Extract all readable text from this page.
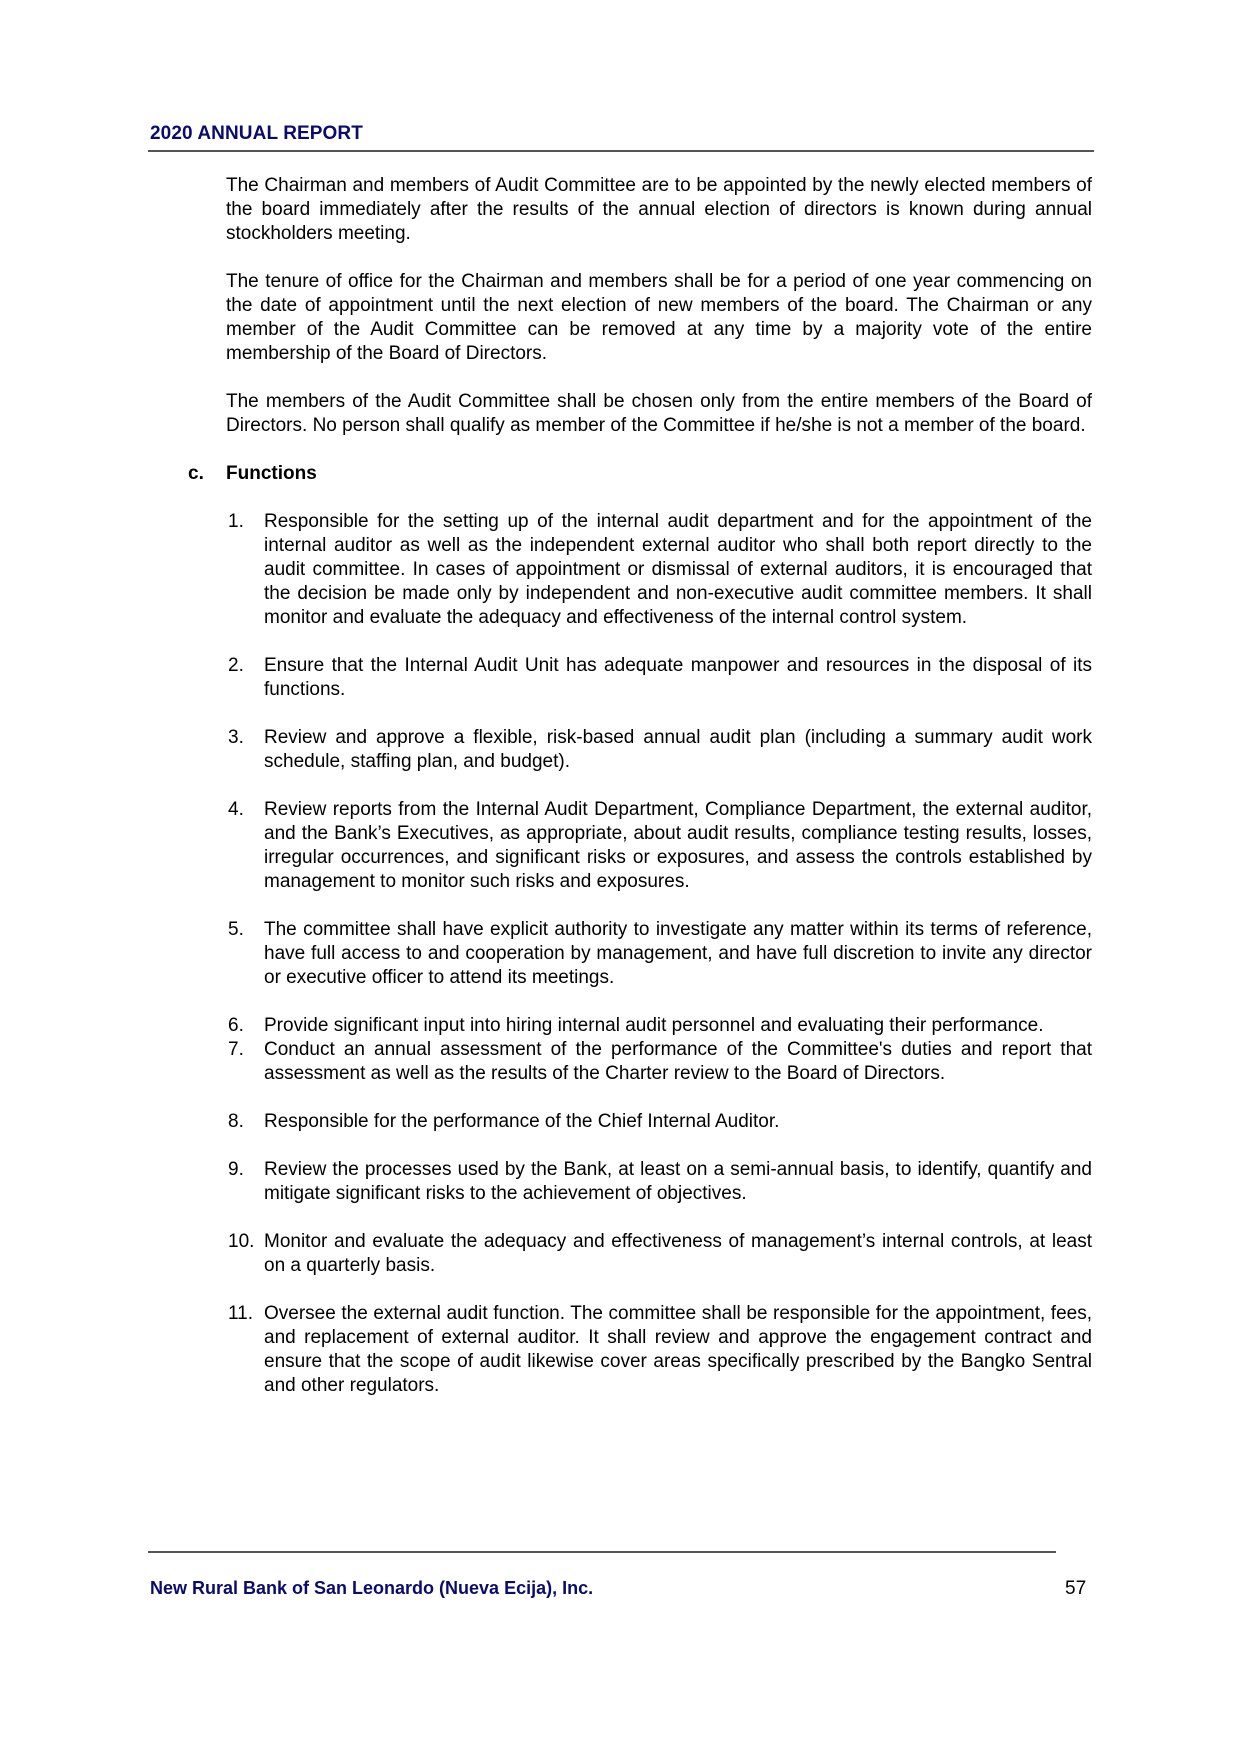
2020 ANNUAL REPORT

The Chairman and members of Audit Committee are to be appointed by the newly elected members of the board immediately after the results of the annual election of directors is known during annual stockholders meeting.

The tenure of office for the Chairman and members shall be for a period of one year commencing on the date of appointment until the next election of new members of the board. The Chairman or any member of the Audit Committee can be removed at any time by a majority vote of the entire membership of the Board of Directors.

The members of the Audit Committee shall be chosen only from the entire members of the Board of Directors. No person shall qualify as member of the Committee if he/she is not a member of the board.

c. Functions
1. Responsible for the setting up of the internal audit department and for the appointment of the internal auditor as well as the independent external auditor who shall both report directly to the audit committee. In cases of appointment or dismissal of external auditors, it is encouraged that the decision be made only by independent and non-executive audit committee members. It shall monitor and evaluate the adequacy and effectiveness of the internal control system.
2. Ensure that the Internal Audit Unit has adequate manpower and resources in the disposal of its functions.
3. Review and approve a flexible, risk-based annual audit plan (including a summary audit work schedule, staffing plan, and budget).
4. Review reports from the Internal Audit Department, Compliance Department, the external auditor, and the Bank’s Executives, as appropriate, about audit results, compliance testing results, losses, irregular occurrences, and significant risks or exposures, and assess the controls established by management to monitor such risks and exposures.
5. The committee shall have explicit authority to investigate any matter within its terms of reference, have full access to and cooperation by management, and have full discretion to invite any director or executive officer to attend its meetings.
6. Provide significant input into hiring internal audit personnel and evaluating their performance.
7. Conduct an annual assessment of the performance of the Committee's duties and report that assessment as well as the results of the Charter review to the Board of Directors.
8. Responsible for the performance of the Chief Internal Auditor.
9. Review the processes used by the Bank, at least on a semi-annual basis, to identify, quantify and mitigate significant risks to the achievement of objectives.
10. Monitor and evaluate the adequacy and effectiveness of management’s internal controls, at least on a quarterly basis.
11. Oversee the external audit function. The committee shall be responsible for the appointment, fees, and replacement of external auditor. It shall review and approve the engagement contract and ensure that the scope of audit likewise cover areas specifically prescribed by the Bangko Sentral and other regulators.
New Rural Bank of San Leonardo (Nueva Ecija), Inc.	57
